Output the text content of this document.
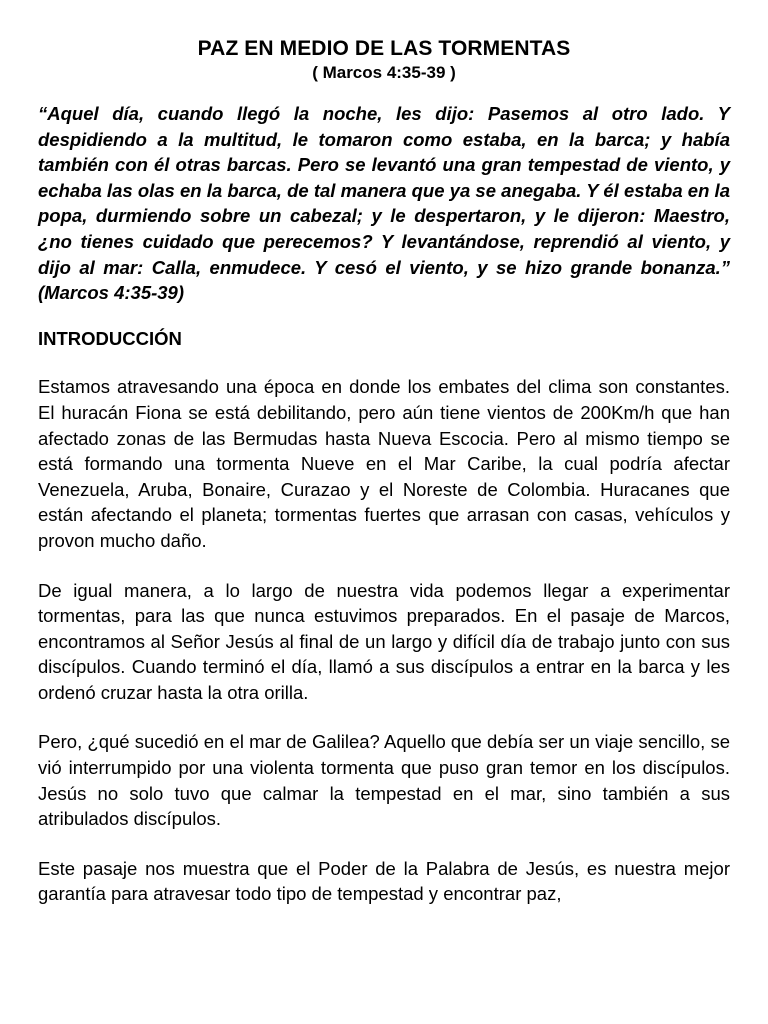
PAZ EN MEDIO DE LAS TORMENTAS
( Marcos 4:35-39 )

“Aquel día, cuando llegó la noche, les dijo: Pasemos al otro lado. Y despidiendo a la multitud, le tomaron como estaba, en la barca; y había también con él otras barcas. Pero se levantó una gran tempestad de viento, y echaba las olas en la barca, de tal manera que ya se anegaba. Y él estaba en la popa, durmiendo sobre un cabezal; y le despertaron, y le dijeron: Maestro, ¿no tienes cuidado que perecemos? Y levantándose, reprendió al viento, y dijo al mar: Calla, enmudece. Y cesó el viento, y se hizo grande bonanza.” (Marcos 4:35-39)

INTRODUCCIÓN

Estamos atravesando una época en donde los embates del clima son constantes. El huracán Fiona se está debilitando, pero aún tiene vientos de 200Km/h que han afectado zonas de las Bermudas hasta Nueva Escocia. Pero al mismo tiempo se está formando una tormenta Nueve en el Mar Caribe, la cual podría afectar Venezuela, Aruba, Bonaire, Curazao y el Noreste de Colombia. Huracanes que están afectando el planeta; tormentas fuertes que arrasan con casas, vehículos y provon mucho daño.

De igual manera, a lo largo de nuestra vida podemos llegar a experimentar tormentas, para las que nunca estuvimos preparados. En el pasaje de Marcos, encontramos al Señor Jesús al final de un largo y difícil día de trabajo junto con sus discípulos. Cuando terminó el día, llamó a sus discípulos a entrar en la barca y les ordenó cruzar hasta la otra orilla.

Pero, ¿qué sucedió en el mar de Galilea? Aquello que debía ser un viaje sencillo, se vió interrumpido por una violenta tormenta que puso gran temor en los discípulos. Jesús no solo tuvo que calmar la tempestad en el mar, sino también a sus atribulados discípulos.

Este pasaje nos muestra que el Poder de la Palabra de Jesús, es nuestra mejor garantía para atravesar todo tipo de tempestad y encontrar paz,
